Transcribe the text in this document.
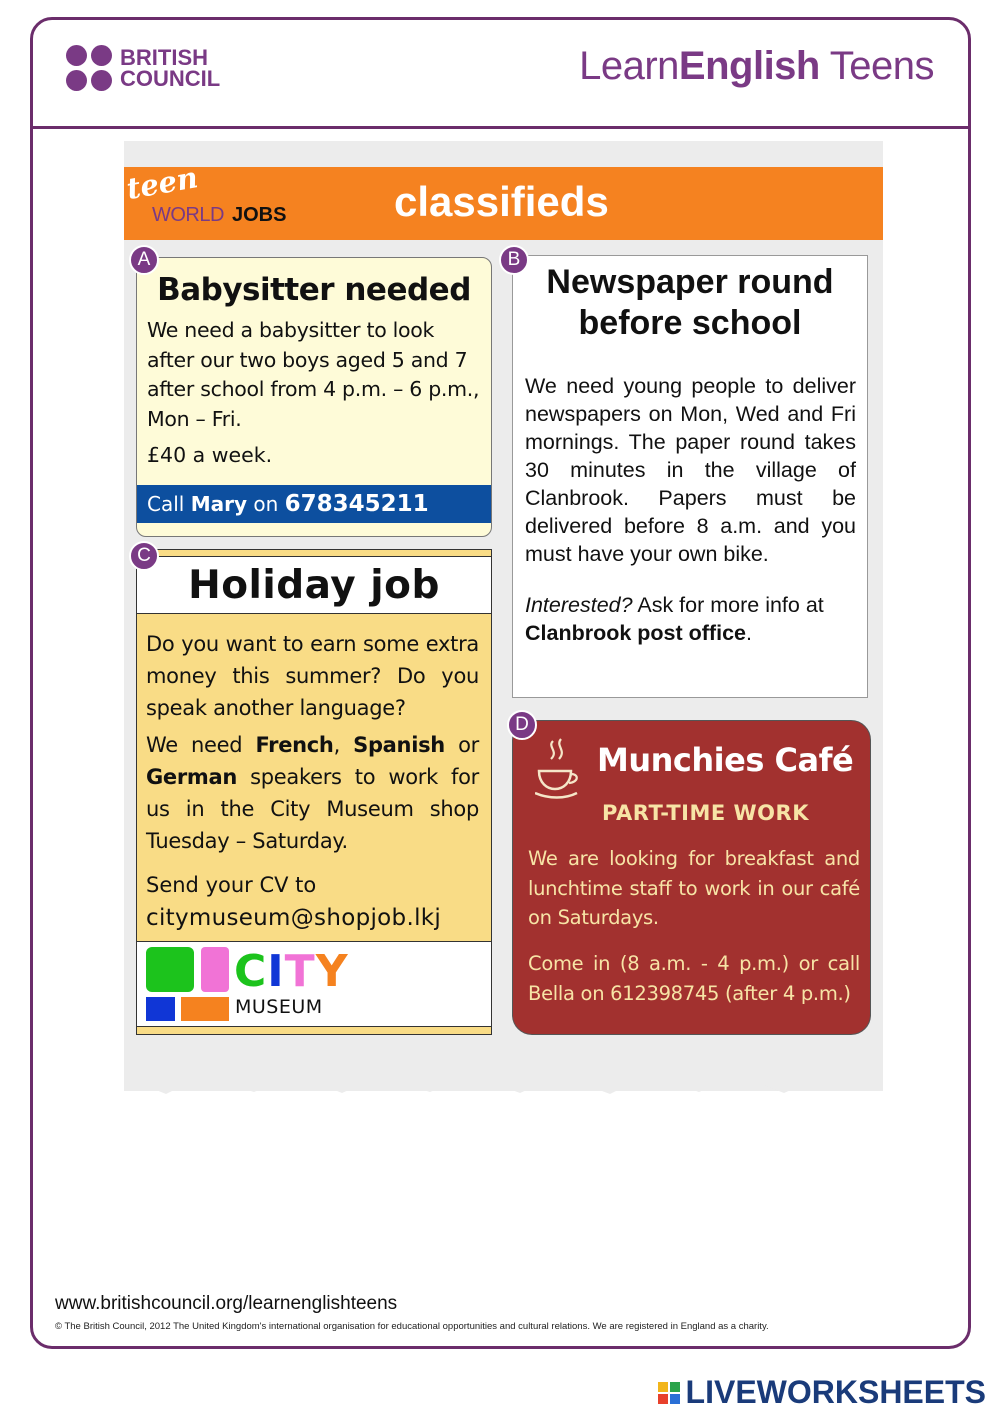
BRITISH
COUNCIL	LearnEnglish Teens
teen
WORLD JOBS	classifieds
A
Babysitter needed
We need a babysitter to look after our two boys aged 5 and 7 after school from 4 p.m. – 6 p.m., Mon – Fri.
£40 a week.
Call Mary on 678345211
B
Newspaper round before school
We need young people to deliver newspapers on Mon, Wed and Fri mornings. The paper round takes 30 minutes in the village of Clanbrook. Papers must be delivered before 8 a.m. and you must have your own bike.
Interested? Ask for more info at Clanbrook post office.
C
Holiday job
Do you want to earn some extra money this summer? Do you speak another language?
We need French, Spanish or German speakers to work for us in the City Museum shop Tuesday – Saturday.
Send your CV to
citymuseum@shopjob.lkj
CITY
MUSEUM
D
Munchies Café
PART-TIME WORK
We are looking for breakfast and lunchtime staff to work in our café on Saturdays.
Come in (8 a.m. - 4 p.m.) or call Bella on 612398745 (after 4 p.m.)
www.britishcouncil.org/learnenglishteens
© The British Council, 2012 The United Kingdom's international organisation for educational opportunities and cultural relations. We are registered in England as a charity.
LIVEWORKSHEETS
